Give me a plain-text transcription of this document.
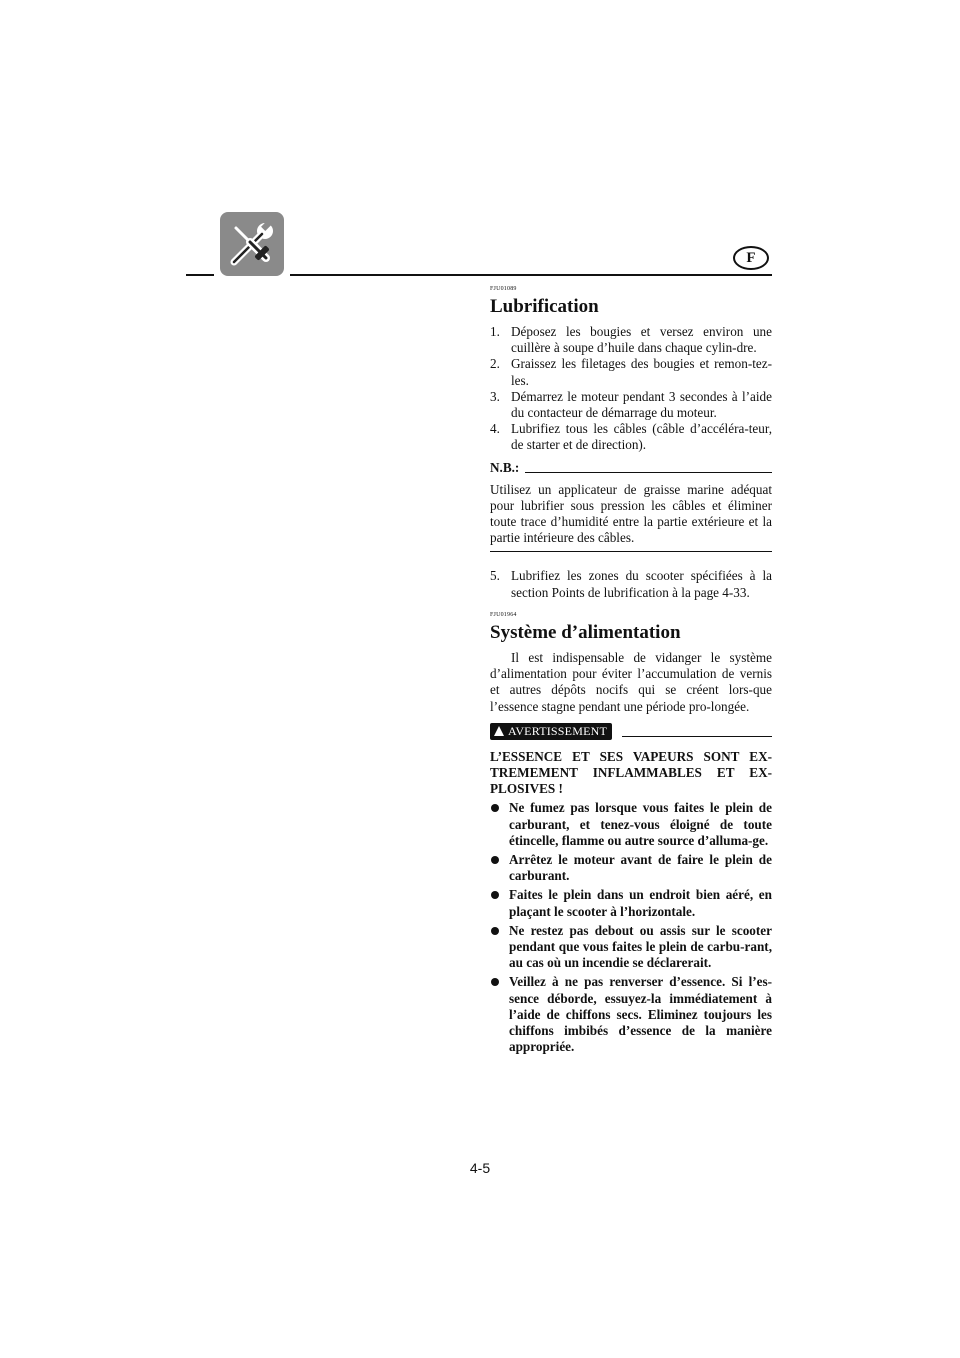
F
FJU01089
Lubrification
1. Déposez les bougies et versez environ une cuillère à soupe d’huile dans chaque cylin-dre.
2. Graissez les filetages des bougies et remon-tez-les.
3. Démarrez le moteur pendant 3 secondes à l’aide du contacteur de démarrage du moteur.
4. Lubrifiez tous les câbles (câble d’accéléra-teur, de starter et de direction).
N.B.:
Utilisez un applicateur de graisse marine adéquat pour lubrifier sous pression les câbles et éliminer toute trace d’humidité entre la partie extérieure et la partie intérieure des câbles.
5. Lubrifiez les zones du scooter spécifiées à la section Points de lubrification à la page 4-33.
FJU01964
Système d’alimentation
Il est indispensable de vidanger le système d’alimentation pour éviter l’accumulation de vernis et autres dépôts nocifs qui se créent lors-que l’essence stagne pendant une période pro-longée.
AVERTISSEMENT
L’ESSENCE ET SES VAPEURS SONT EX-TREMEMENT INFLAMMABLES ET EX-PLOSIVES !
Ne fumez pas lorsque vous faites le plein de carburant, et tenez-vous éloigné de toute étincelle, flamme ou autre source d’alluma-ge.
Arrêtez le moteur avant de faire le plein de carburant.
Faites le plein dans un endroit bien aéré, en plaçant le scooter à l’horizontale.
Ne restez pas debout ou assis sur le scooter pendant que vous faites le plein de carbu-rant, au cas où un incendie se déclarerait.
Veillez à ne pas renverser d’essence. Si l’es-sence déborde, essuyez-la immédiatement à l’aide de chiffons secs. Eliminez toujours les chiffons imbibés d’essence de la manière appropriée.
4-5
